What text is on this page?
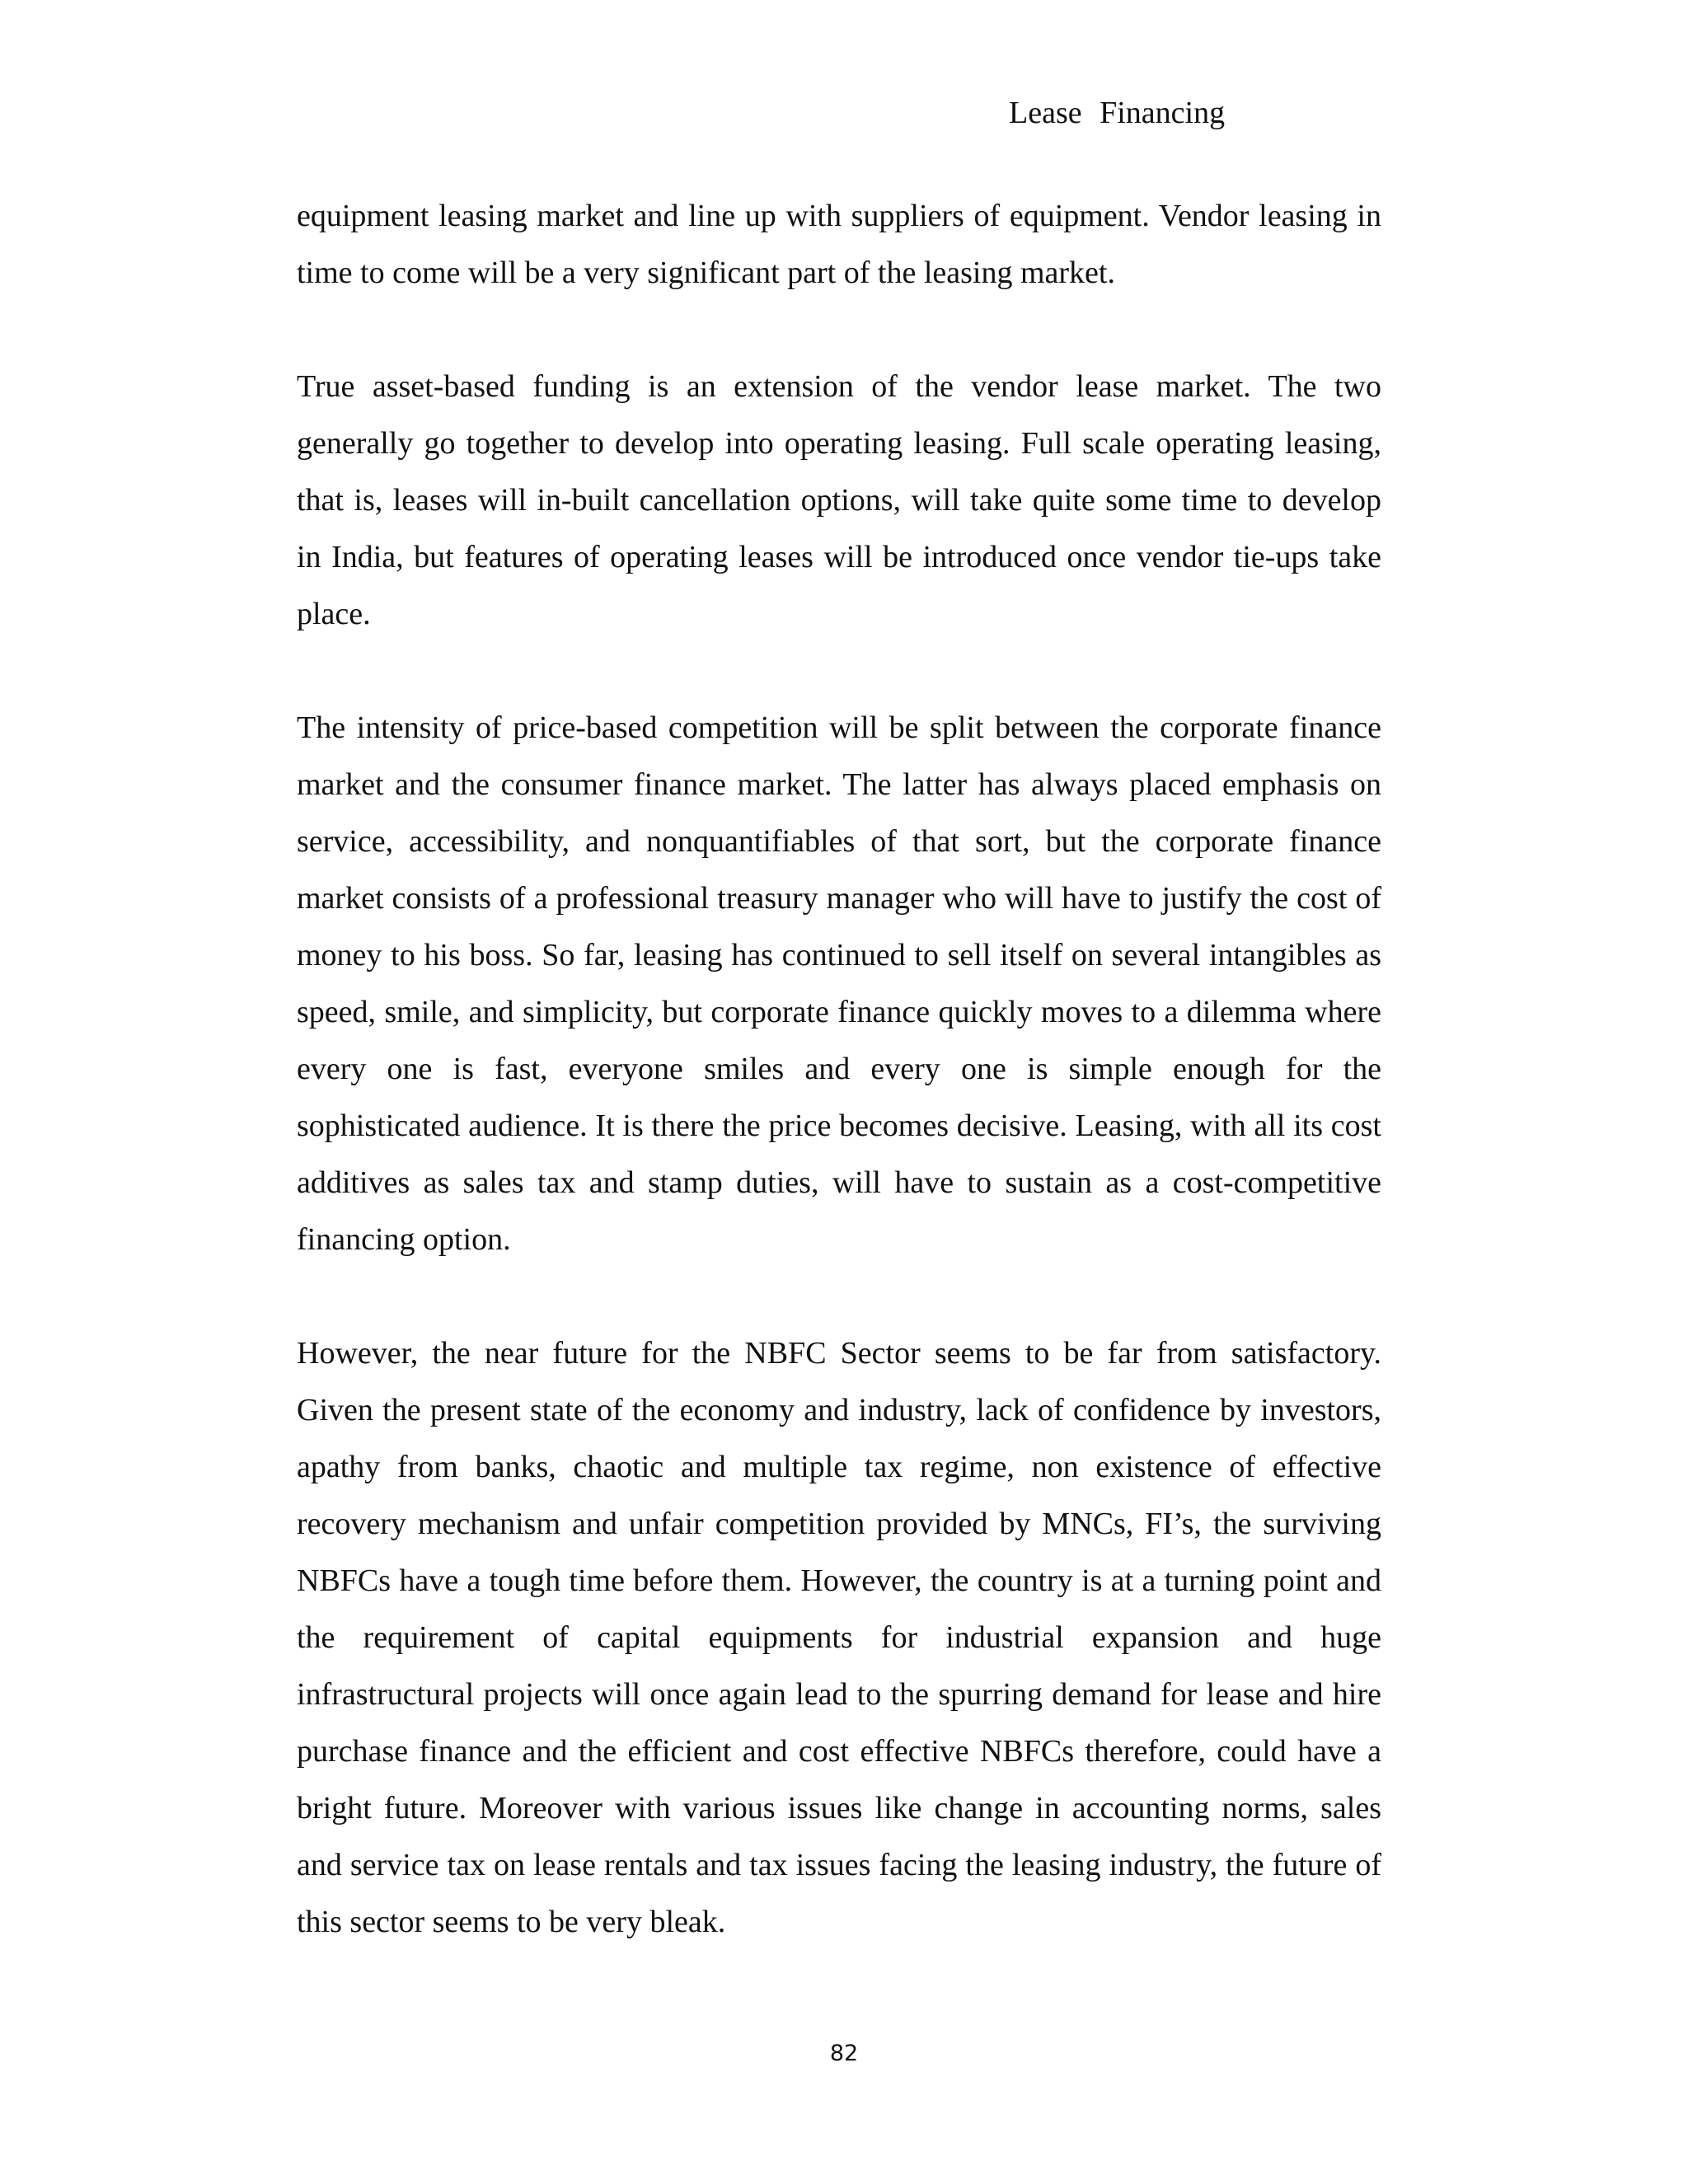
Lease Financing

equipment leasing market and line up with suppliers of equipment. Vendor leasing in time to come will be a very significant part of the leasing market.

True asset-based funding is an extension of the vendor lease market. The two generally go together to develop into operating leasing. Full scale operating leasing, that is, leases will in-built cancellation options, will take quite some time to develop in India, but features of operating leases will be introduced once vendor tie-ups take place.

The intensity of price-based competition will be split between the corporate finance market and the consumer finance market. The latter has always placed emphasis on service, accessibility, and nonquantifiables of that sort, but the corporate finance market consists of a professional treasury manager who will have to justify the cost of money to his boss. So far, leasing has continued to sell itself on several intangibles as speed, smile, and simplicity, but corporate finance quickly moves to a dilemma where every one is fast, everyone smiles and every one is simple enough for the sophisticated audience. It is there the price becomes decisive. Leasing, with all its cost additives as sales tax and stamp duties, will have to sustain as a cost-competitive financing option.

However, the near future for the NBFC Sector seems to be far from satisfactory. Given the present state of the economy and industry, lack of confidence by investors, apathy from banks, chaotic and multiple tax regime, non existence of effective recovery mechanism and unfair competition provided by MNCs, FI’s, the surviving NBFCs have a tough time before them. However, the country is at a turning point and the requirement of capital equipments for industrial expansion and huge infrastructural projects will once again lead to the spurring demand for lease and hire purchase finance and the efficient and cost effective NBFCs therefore, could have a bright future. Moreover with various issues like change in accounting norms, sales and service tax on lease rentals and tax issues facing the leasing industry, the future of this sector seems to be very bleak.

82
